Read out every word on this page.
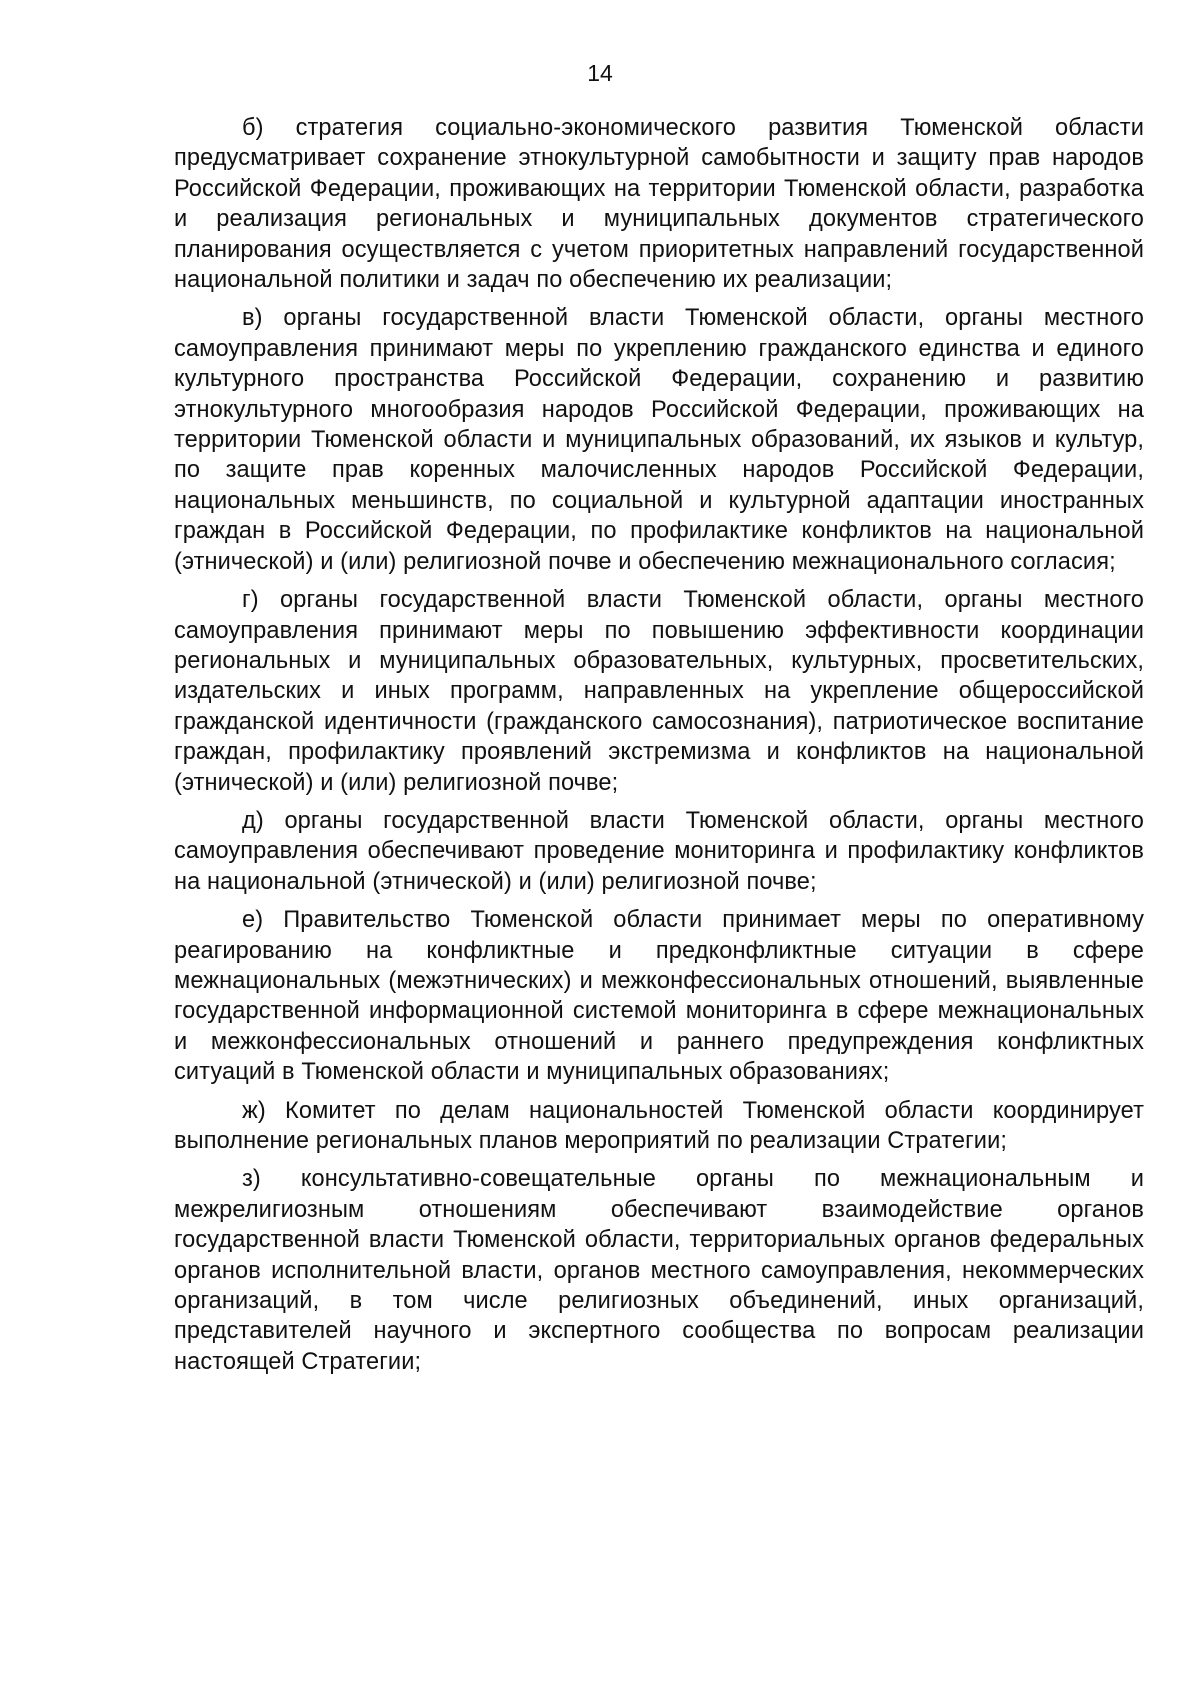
14

б) стратегия социально-экономического развития Тюменской области предусматривает сохранение этнокультурной самобытности и защиту прав народов Российской Федерации, проживающих на территории Тюменской области, разработка и реализация региональных и муниципальных документов стратегического планирования осуществляется с учетом приоритетных направлений государственной национальной политики и задач по обеспечению их реализации;

в) органы государственной власти Тюменской области, органы местного самоуправления принимают меры по укреплению гражданского единства и единого культурного пространства Российской Федерации, сохранению и развитию этнокультурного многообразия народов Российской Федерации, проживающих на территории Тюменской области и муниципальных образований, их языков и культур, по защите прав коренных малочисленных народов Российской Федерации, национальных меньшинств, по социальной и культурной адаптации иностранных граждан в Российской Федерации, по профилактике конфликтов на национальной (этнической) и (или) религиозной почве и обеспечению межнационального согласия;

г) органы государственной власти Тюменской области, органы местного самоуправления принимают меры по повышению эффективности координации региональных и муниципальных образовательных, культурных, просветительских, издательских и иных программ, направленных на укрепление общероссийской гражданской идентичности (гражданского самосознания), патриотическое воспитание граждан, профилактику проявлений экстремизма и конфликтов на национальной (этнической) и (или) религиозной почве;

д) органы государственной власти Тюменской области, органы местного самоуправления обеспечивают проведение мониторинга и профилактику конфликтов на национальной (этнической) и (или) религиозной почве;

е) Правительство Тюменской области принимает меры по оперативному реагированию на конфликтные и предконфликтные ситуации в сфере межнациональных (межэтнических) и межконфессиональных отношений, выявленные государственной информационной системой мониторинга в сфере межнациональных и межконфессиональных отношений и раннего предупреждения конфликтных ситуаций в Тюменской области и муниципальных образованиях;

ж) Комитет по делам национальностей Тюменской области координирует выполнение региональных планов мероприятий по реализации Стратегии;

з) консультативно-совещательные органы по межнациональным и межрелигиозным отношениям обеспечивают взаимодействие органов государственной власти Тюменской области, территориальных органов федеральных органов исполнительной власти, органов местного самоуправления, некоммерческих организаций, в том числе религиозных объединений, иных организаций, представителей научного и экспертного сообщества по вопросам реализации настоящей Стратегии;
